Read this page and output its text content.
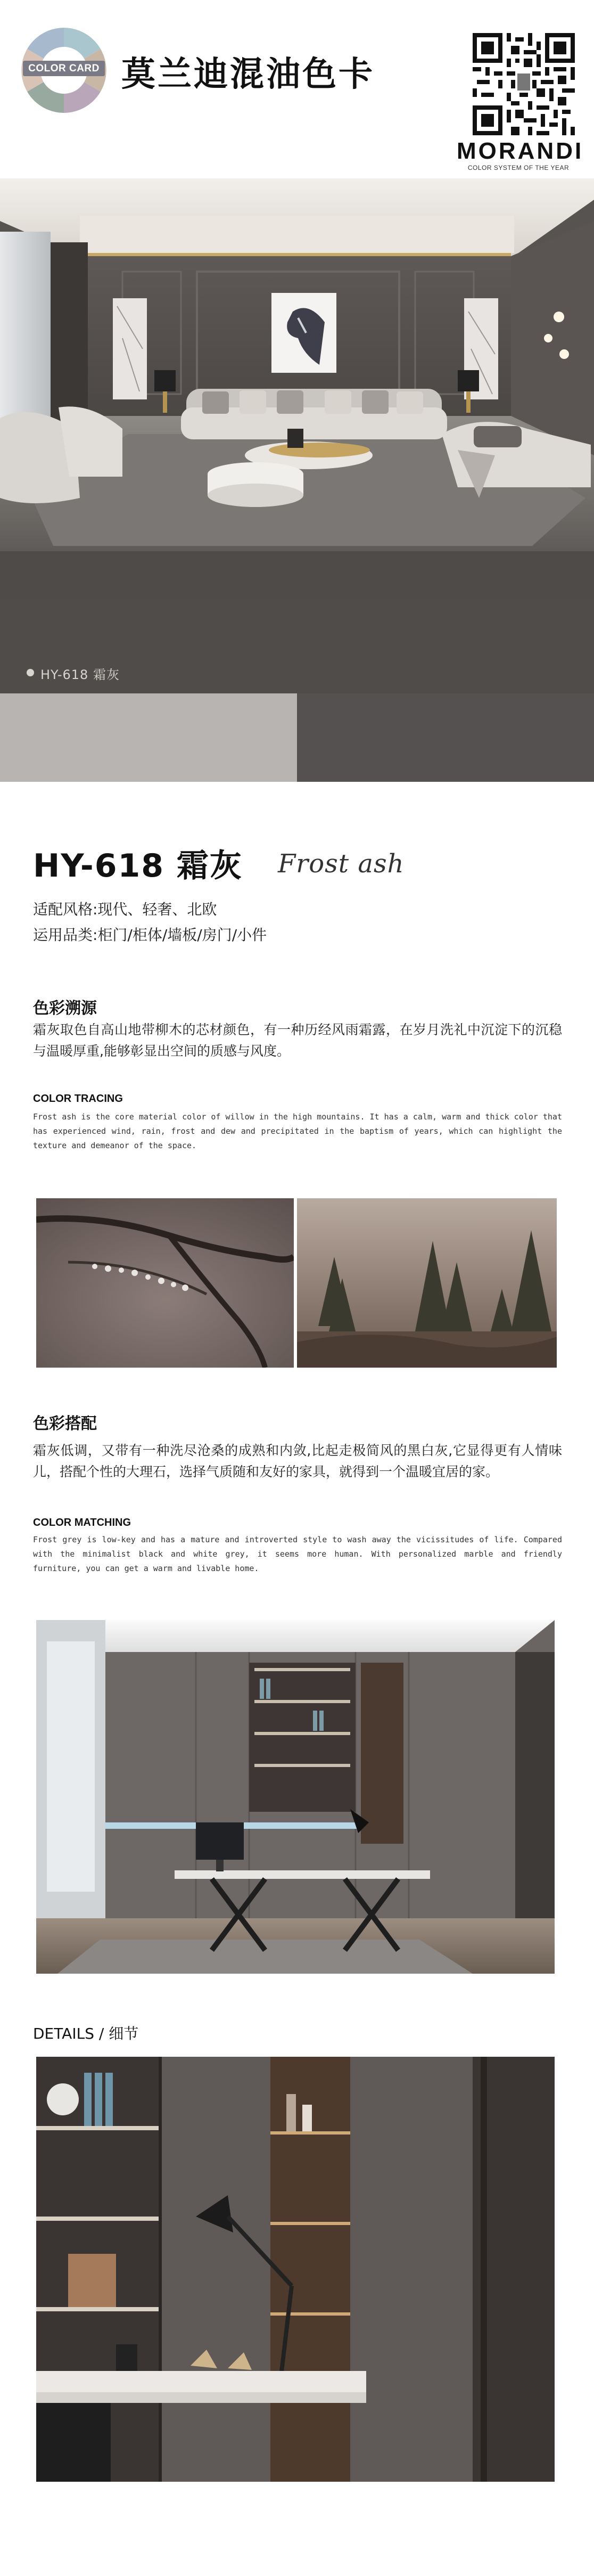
COLOR CARD 莫兰迪混油色卡
MORANDI
COLOR SYSTEM OF THE YEAR
HY-618 霜灰
HY-618 霜灰 Frost ash
适配风格:现代、轻奢、北欧
运用品类:柜门/柜体/墙板/房门/小件
色彩溯源
霜灰取色自高山地带柳木的芯材颜色，有一种历经风雨霜露，在岁月洗礼中沉淀下的沉稳与温暖厚重,能够彰显出空间的质感与风度。
COLOR TRACING
Frost ash is the core material color of willow in the high mountains. It has a calm, warm and thick color that has experienced wind, rain, frost and dew and precipitated in the baptism of years, which can highlight the texture and demeanor of the space.
色彩搭配
霜灰低调，又带有一种洗尽沧桑的成熟和内敛,比起走极简风的黑白灰,它显得更有人情味儿，搭配个性的大理石，选择气质随和友好的家具，就得到一个温暖宜居的家。
COLOR MATCHING
Frost grey is low-key and has a mature and introverted style to wash away the vicissitudes of life. Compared with the minimalist black and white grey, it seems more human. With personalized marble and friendly furniture, you can get a warm and livable home.
DETAILS / 细节
